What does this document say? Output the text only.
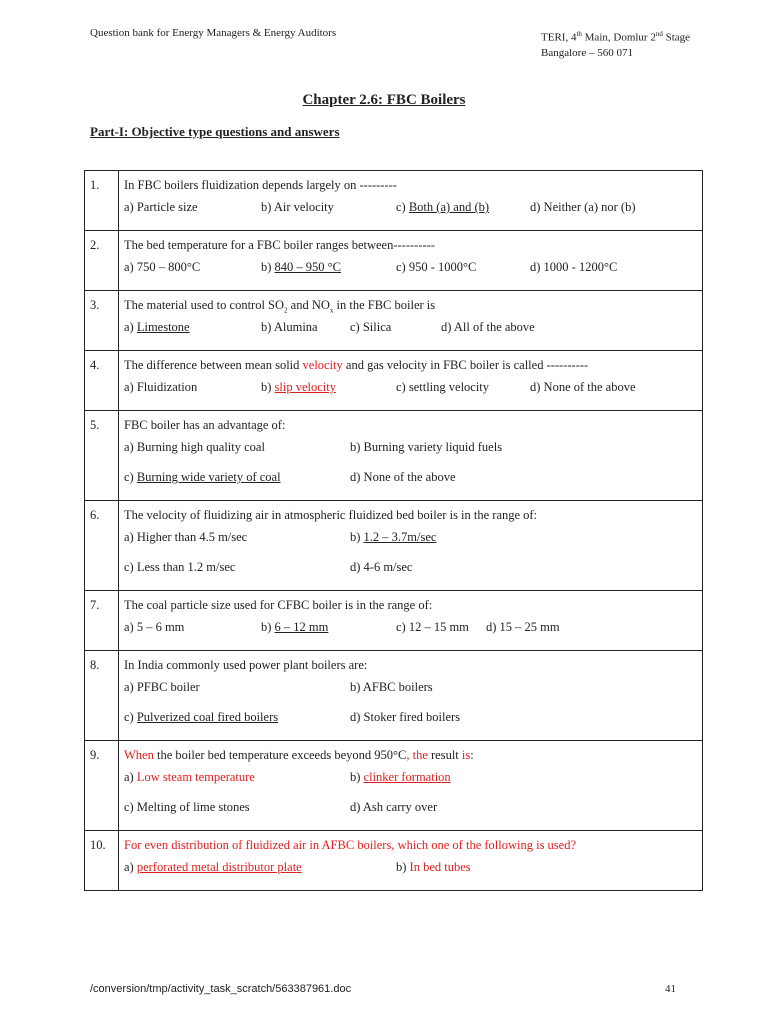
Question bank for Energy Managers & Energy Auditors	TERI, 4th Main, Domlur 2nd Stage
Bangalore – 560 071
Chapter 2.6: FBC Boilers
Part-I: Objective type questions and answers
1.	In FBC boilers fluidization depends largely on ---------
a) Particle size b) Air velocity c) Both (a) and (b) d) Neither (a) nor (b)

2.	The bed temperature for a FBC boiler ranges between----------
a) 750 – 800°C b) 840 – 950 °C c) 950 - 1000°C d) 1000 - 1200°C

3.	The material used to control $SO_2$ and $NO_x$ in the FBC boiler is
a) Limestone b) Alumina c) Silica d) All of the above

4.	The difference between mean solid velocity and gas velocity in FBC boiler is called ----------
a) Fluidization b) slip velocity c) settling velocity d) None of the above

5.	FBC boiler has an advantage of:
a) Burning high quality coal b) Burning variety liquid fuels
c) Burning wide variety of coal d) None of the above

6.	The velocity of fluidizing air in atmospheric fluidized bed boiler is in the range of:
a) Higher than 4.5 m/sec b) 1.2 – 3.7m/sec
c) Less than 1.2 m/sec d) 4-6 m/sec

7.	The coal particle size used for CFBC boiler is in the range of:
a) 5 – 6 mm b) 6 – 12 mm c) 12 – 15 mm d) 15 – 25 mm

8.	In India commonly used power plant boilers are:
a) PFBC boiler b) AFBC boilers
c) Pulverized coal fired boilers d) Stoker fired boilers

9.	When the boiler bed temperature exceeds beyond 950°C, the result is:
a) Low steam temperature b) clinker formation
c) Melting of lime stones d) Ash carry over

10.	For even distribution of fluidized air in AFBC boilers, which one of the following is used?
a) perforated metal distributor plate b) In bed tubes
/conversion/tmp/activity_task_scratch/563387961.doc	41
